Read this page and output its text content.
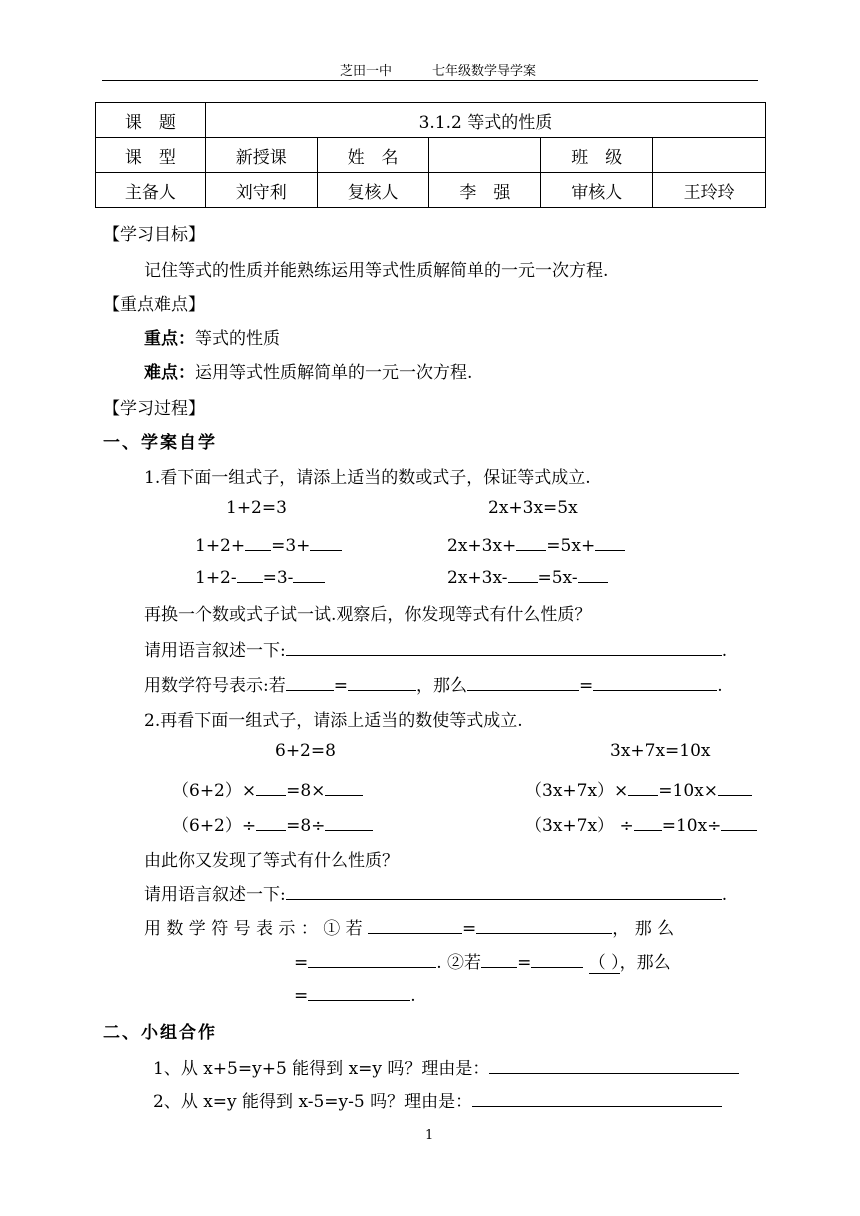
芝田一中	七年级数学导学案
课　题	3.1.2 等式的性质				
课　型	新授课	姓　名		班　级	
主备人	刘守利	复核人	李　强	审核人	王玲玲
【学习目标】
记住等式的性质并能熟练运用等式性质解简单的一元一次方程.
【重点难点】
重点：等式的性质
难点：运用等式性质解简单的一元一次方程.
【学习过程】
一、学案自学
1.看下面一组式子，请添上适当的数或式子，保证等式成立.
1+2=3	2x+3x=5x
1+2+ =3+	2x+3x+ =5x+
1+2- =3-	2x+3x- =5x-
再换一个数或式子试一试.观察后，你发现等式有什么性质？
请用语言叙述一下:	.
用数学符号表示:若	=	，那么	=	.
2.再看下面一组式子，请添上适当的数使等式成立.
6+2=8	3x+7x=10x
（6+2）× =8×	（3x+7x）× =10x×
（6+2）÷ =8÷	（3x+7x） ÷ =10x÷
由此你又发现了等式有什么性质？
请用语言叙述一下:	.
用 数 学 符 号 表 示 ： ① 若	=	， 那 么
=	. ②若 =	（ ），那么
=	.
二、小组合作
1、从 x+5=y+5 能得到 x=y 吗？理由是：
2、从 x=y 能得到 x-5=y-5 吗？理由是：
1
